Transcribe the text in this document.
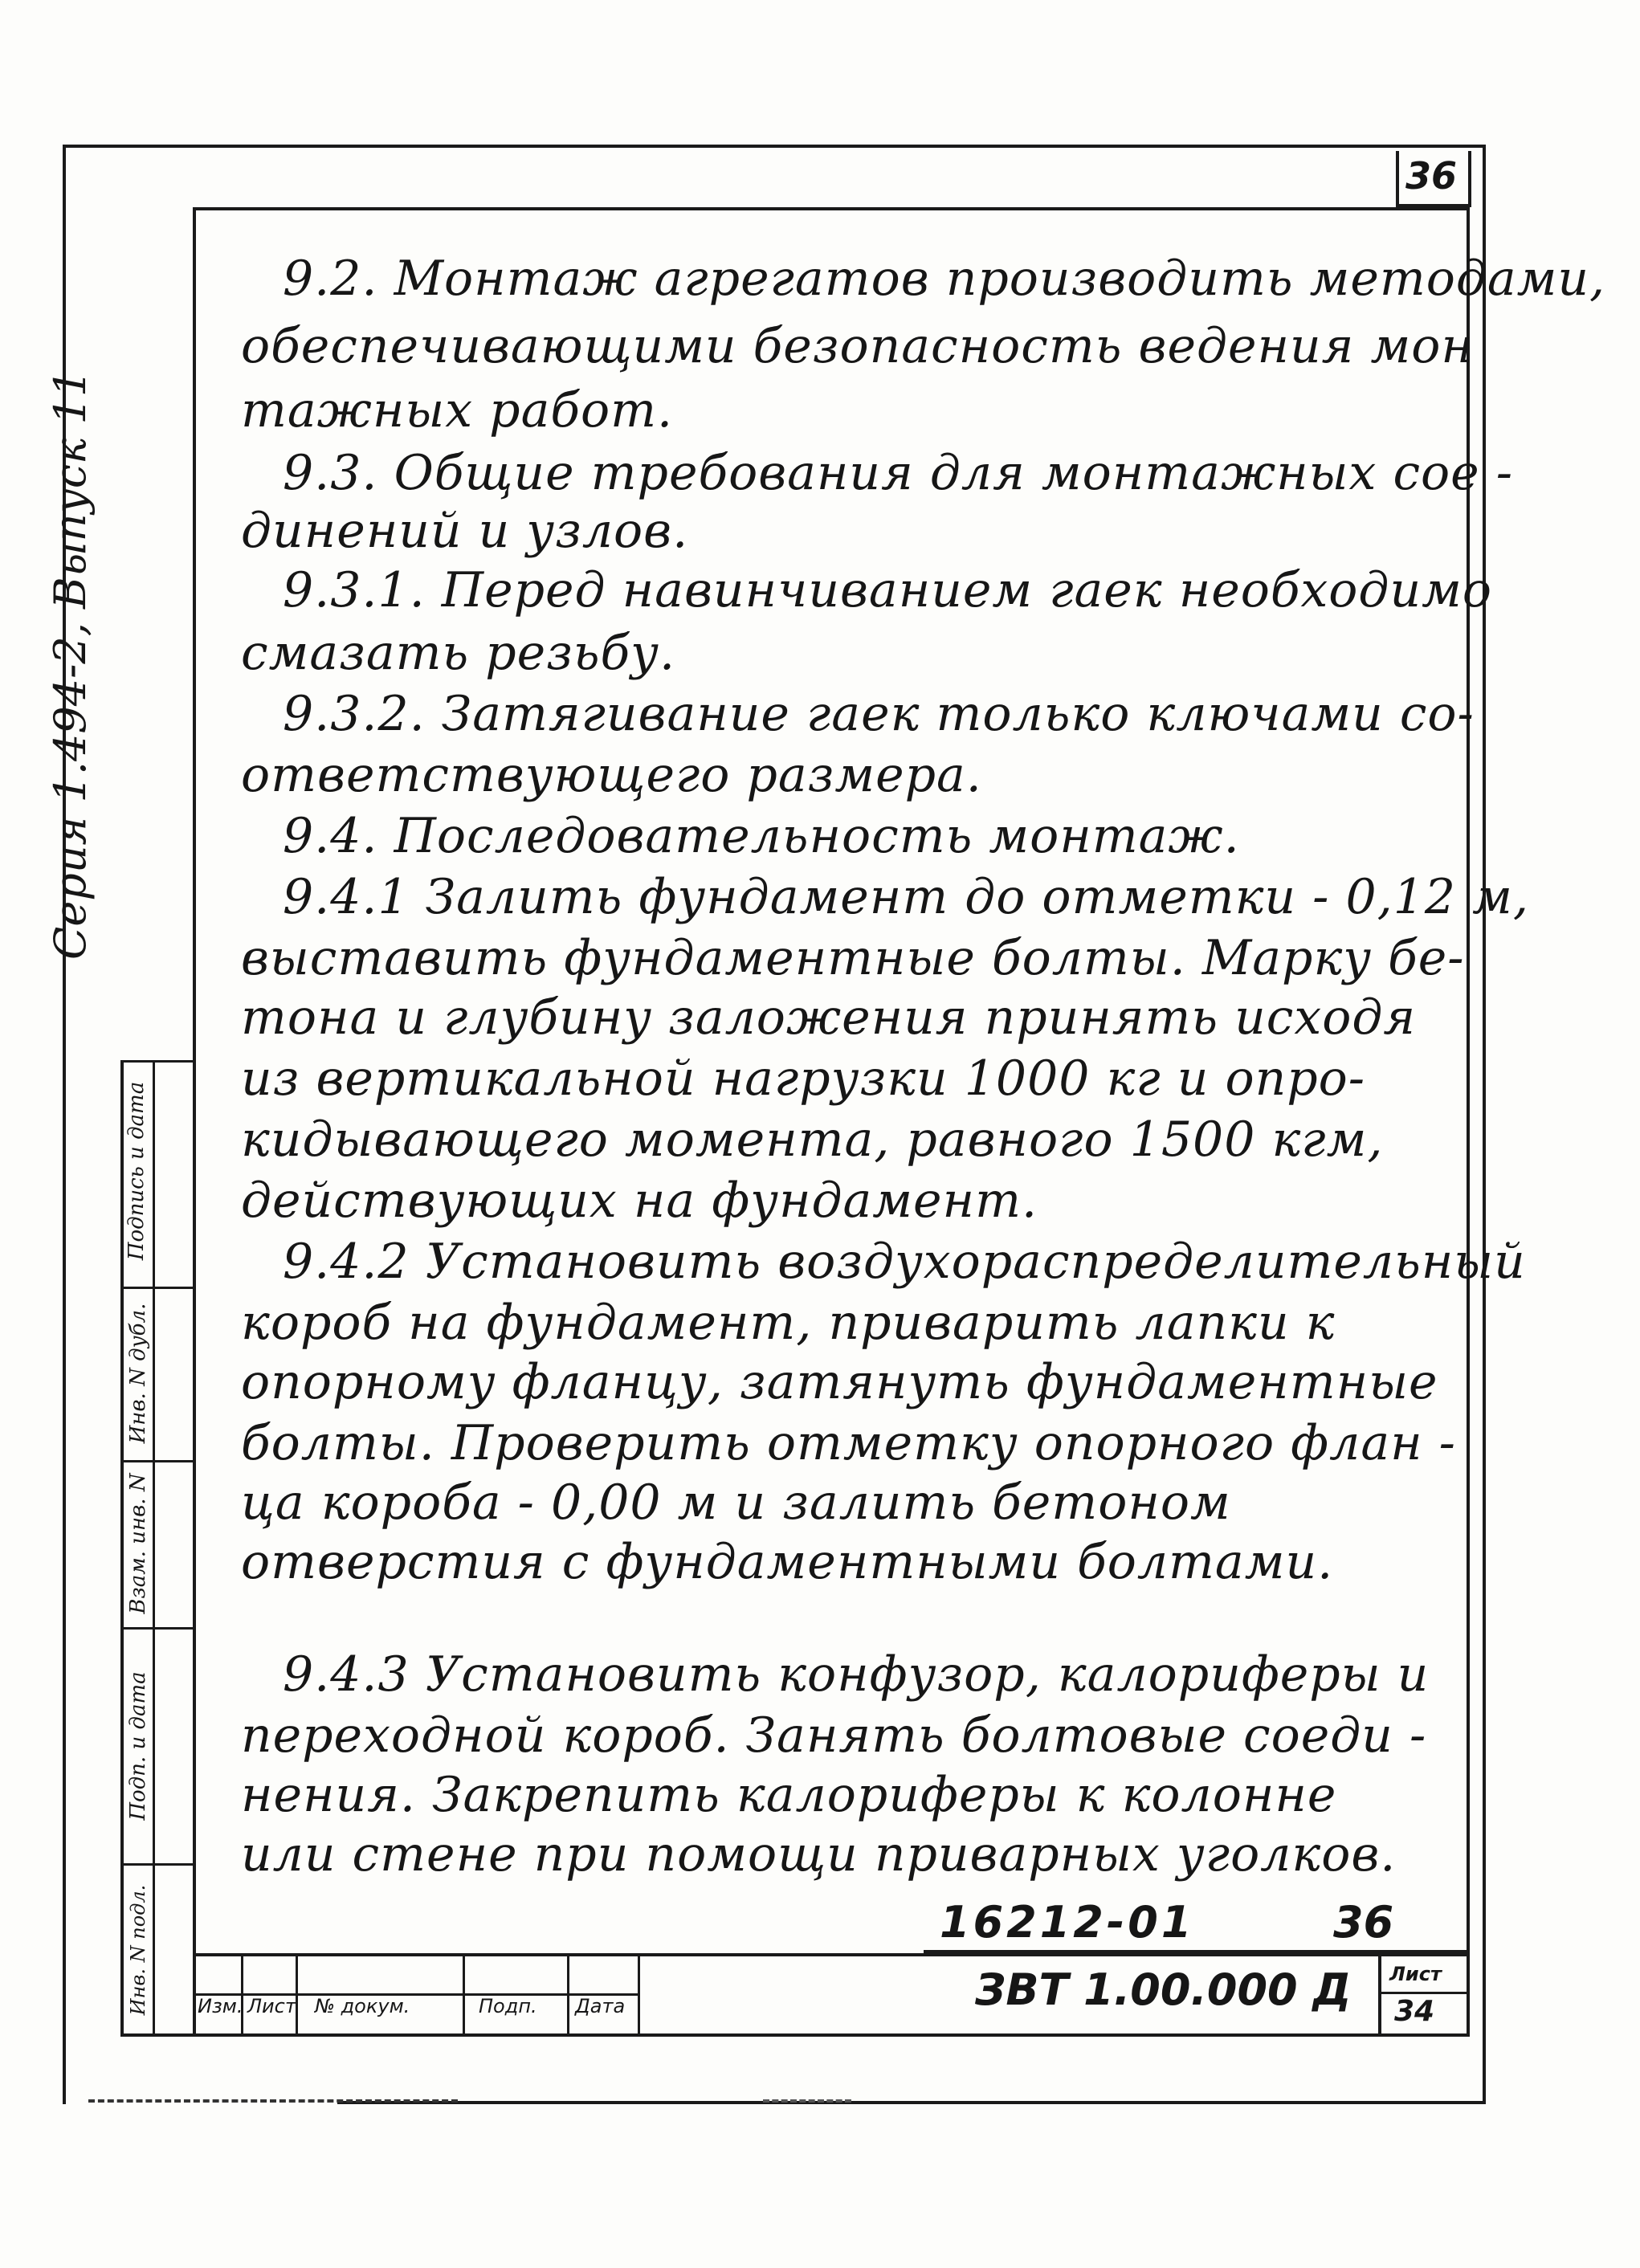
36
Серия 1.494-2, Выпуск 11
Подпись и дата
Инв. N дубл.
Взам. инв. N
Подп. и дата
Инв. N подл.
9.2. Монтаж агрегатов производить методами,
обеспечивающими безопасность ведения мон
тажных работ.
9.3. Общие требования для монтажных сое -
динений и узлов.
9.3.1. Перед навинчиванием гаек необходимо
смазать резьбу.
9.3.2. Затягивание гаек только ключами со-
ответствующего размера.
9.4. Последовательность монтаж.
9.4.1 Залить фундамент до отметки - 0,12 м,
выставить фундаментные болты. Марку бе-
тона и глубину заложения принять исходя
из вертикальной нагрузки 1000 кг и опро-
кидывающего момента, равного 1500 кгм,
действующих на фундамент.
9.4.2 Установить воздухораспределительный
короб на фундамент, приварить лапки к
опорному фланцу, затянуть фундаментные
болты. Проверить отметку опорного флан -
ца короба - 0,00 м и залить бетоном
отверстия с фундаментными болтами.
9.4.3 Установить конфузор, калориферы и
переходной короб. Занять болтовые соеди -
нения. Закрепить калориферы к колонне
или стене при помощи приварных уголков.
16212-01	36
Изм. Лист № докум.	Подп. Дата	ЗВТ 1.00.000 Д Лист
34
